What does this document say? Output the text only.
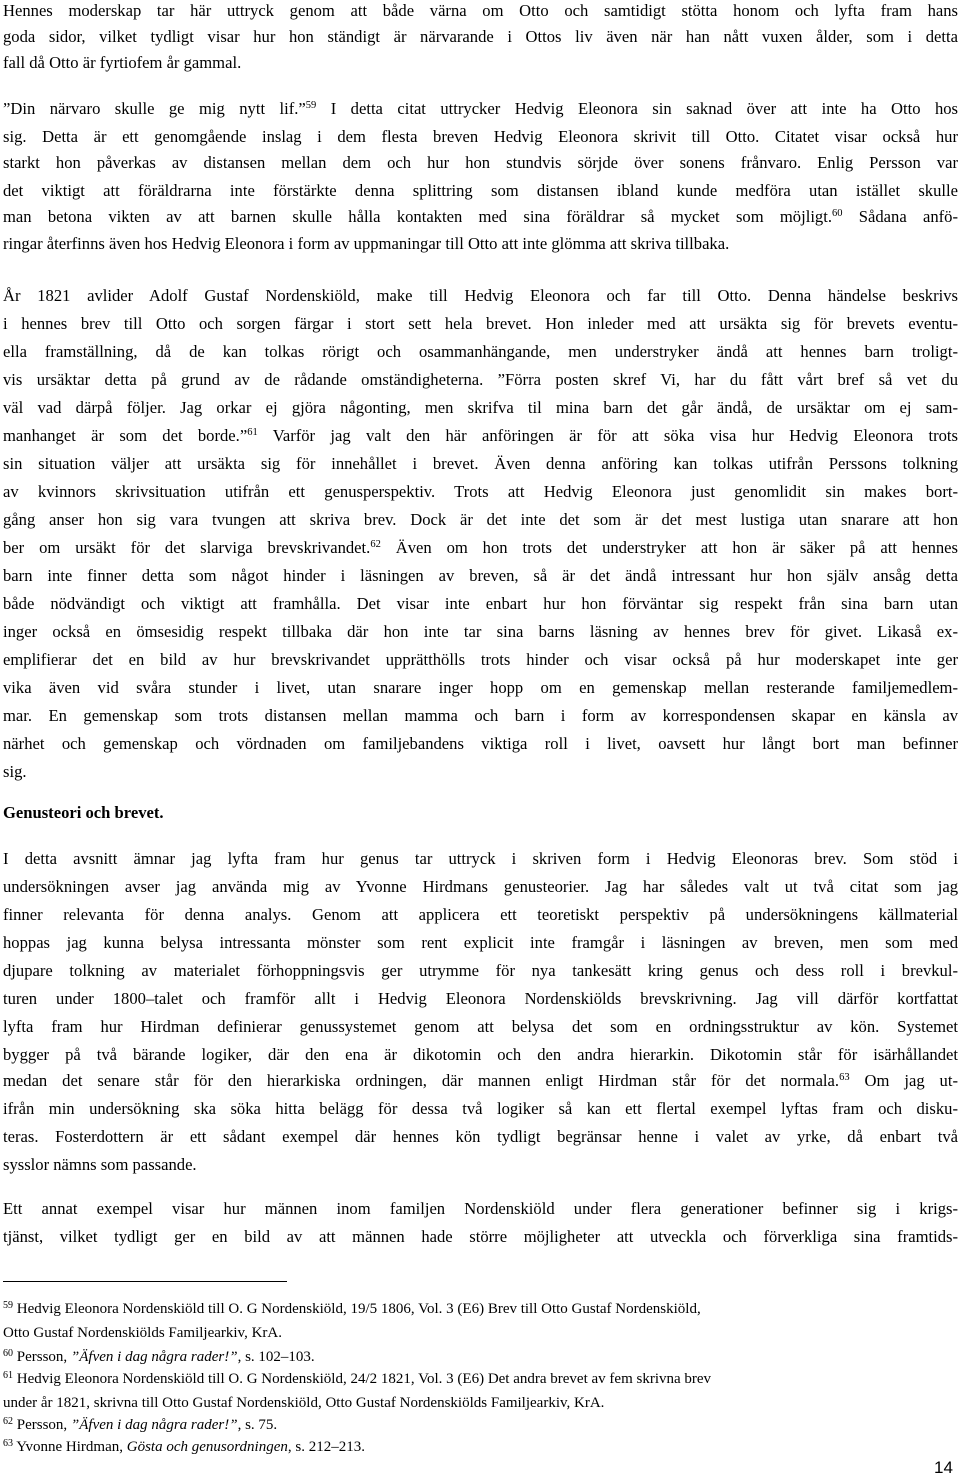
Hennes moderskap tar här uttryck genom att både värna om Otto och samtidigt stötta honom och lyfta fram hans
goda sidor, vilket tydligt visar hur hon ständigt är närvarande i Ottos liv även när han nått vuxen ålder, som i detta
fall då Otto är fyrtiofem år gammal.
”Din närvaro skulle ge mig nytt lif.”$^{59}$ I detta citat uttrycker Hedvig Eleonora sin saknad över att inte ha Otto hos
sig. Detta är ett genomgående inslag i dem flesta breven Hedvig Eleonora skrivit till Otto. Citatet visar också hur
starkt hon påverkas av distansen mellan dem och hur hon stundvis sörjde över sonens frånvaro. Enlig Persson var
det viktigt att föräldrarna inte förstärkte denna splittring som distansen ibland kunde medföra utan istället skulle
man betona vikten av att barnen skulle hålla kontakten med sina föräldrar så mycket som möjligt.$^{60}$ Sådana anfö-
ringar återfinns även hos Hedvig Eleonora i form av uppmaningar till Otto att inte glömma att skriva tillbaka.
År 1821 avlider Adolf Gustaf Nordenskiöld, make till Hedvig Eleonora och far till Otto. Denna händelse beskrivs
i hennes brev till Otto och sorgen färgar i stort sett hela brevet. Hon inleder med att ursäkta sig för brevets eventu-
ella framställning, då de kan tolkas rörigt och osammanhängande, men understryker ändå att hennes barn troligt-
vis ursäktar detta på grund av de rådande omständigheterna. ”Förra posten skref Vi, har du fått vårt bref så vet du
väl vad därpå följer. Jag orkar ej gjöra någonting, men skrifva til mina barn det går ändå, de ursäktar om ej sam-
manhanget är som det borde.”$^{61}$ Varför jag valt den här anföringen är för att söka visa hur Hedvig Eleonora trots
sin situation väljer att ursäkta sig för innehållet i brevet. Även denna anföring kan tolkas utifrån Perssons tolkning
av kvinnors skrivsituation utifrån ett genusperspektiv. Trots att Hedvig Eleonora just genomlidit sin makes bort-
gång anser hon sig vara tvungen att skriva brev. Dock är det inte det som är det mest lustiga utan snarare att hon
ber om ursäkt för det slarviga brevskrivandet.$^{62}$ Även om hon trots det understryker att hon är säker på att hennes
barn inte finner detta som något hinder i läsningen av breven, så är det ändå intressant hur hon själv ansåg detta
både nödvändigt och viktigt att framhålla. Det visar inte enbart hur hon förväntar sig respekt från sina barn utan
inger också en ömsesidig respekt tillbaka där hon inte tar sina barns läsning av hennes brev för givet. Likaså ex-
emplifierar det en bild av hur brevskrivandet upprätthölls trots hinder och visar också på hur moderskapet inte ger
vika även vid svåra stunder i livet, utan snarare inger hopp om en gemenskap mellan resterande familjemedlem-
mar. En gemenskap som trots distansen mellan mamma och barn i form av korrespondensen skapar en känsla av
närhet och gemenskap och vördnaden om familjebandens viktiga roll i livet, oavsett hur långt bort man befinner
sig.
Genusteori och brevet.
I detta avsnitt ämnar jag lyfta fram hur genus tar uttryck i skriven form i Hedvig Eleonoras brev. Som stöd i
undersökningen avser jag använda mig av Yvonne Hirdmans genusteorier. Jag har således valt ut två citat som jag
finner relevanta för denna analys. Genom att applicera ett teoretiskt perspektiv på undersökningens källmaterial
hoppas jag kunna belysa intressanta mönster som rent explicit inte framgår i läsningen av breven, men som med
djupare tolkning av materialet förhoppningsvis ger utrymme för nya tankesätt kring genus och dess roll i brevkul-
turen under 1800–talet och framför allt i Hedvig Eleonora Nordenskiölds brevskrivning. Jag vill därför kortfattat
lyfta fram hur Hirdman definierar genussystemet genom att belysa det som en ordningsstruktur av kön. Systemet
bygger på två bärande logiker, där den ena är dikotomin och den andra hierarkin. Dikotomin står för isärhållandet
medan det senare står för den hierarkiska ordningen, där mannen enligt Hirdman står för det normala.$^{63}$ Om jag ut-
ifrån min undersökning ska söka hitta belägg för dessa två logiker så kan ett flertal exempel lyftas fram och disku-
teras. Fosterdottern är ett sådant exempel där hennes kön tydligt begränsar henne i valet av yrke, då enbart två
sysslor nämns som passande.
Ett annat exempel visar hur männen inom familjen Nordenskiöld under flera generationer befinner sig i krigs-
tjänst, vilket tydligt ger en bild av att männen hade större möjligheter att utveckla och förverkliga sina framtids-
$^{59}$ Hedvig Eleonora Nordenskiöld till O. G Nordenskiöld, 19/5 1806, Vol. 3 (E6) Brev till Otto Gustaf Nordenskiöld,
Otto Gustaf Nordenskiölds Familjearkiv, KrA.
$^{60}$ Persson, ”Äfven i dag några rader!”, s. 102–103.
$^{61}$ Hedvig Eleonora Nordenskiöld till O. G Nordenskiöld, 24/2 1821, Vol. 3 (E6) Det andra brevet av fem skrivna brev
under år 1821, skrivna till Otto Gustaf Nordenskiöld, Otto Gustaf Nordenskiölds Familjearkiv, KrA.
$^{62}$ Persson, ”Äfven i dag några rader!”, s. 75.
$^{63}$ Yvonne Hirdman, Gösta och genusordningen, s. 212–213.
14
